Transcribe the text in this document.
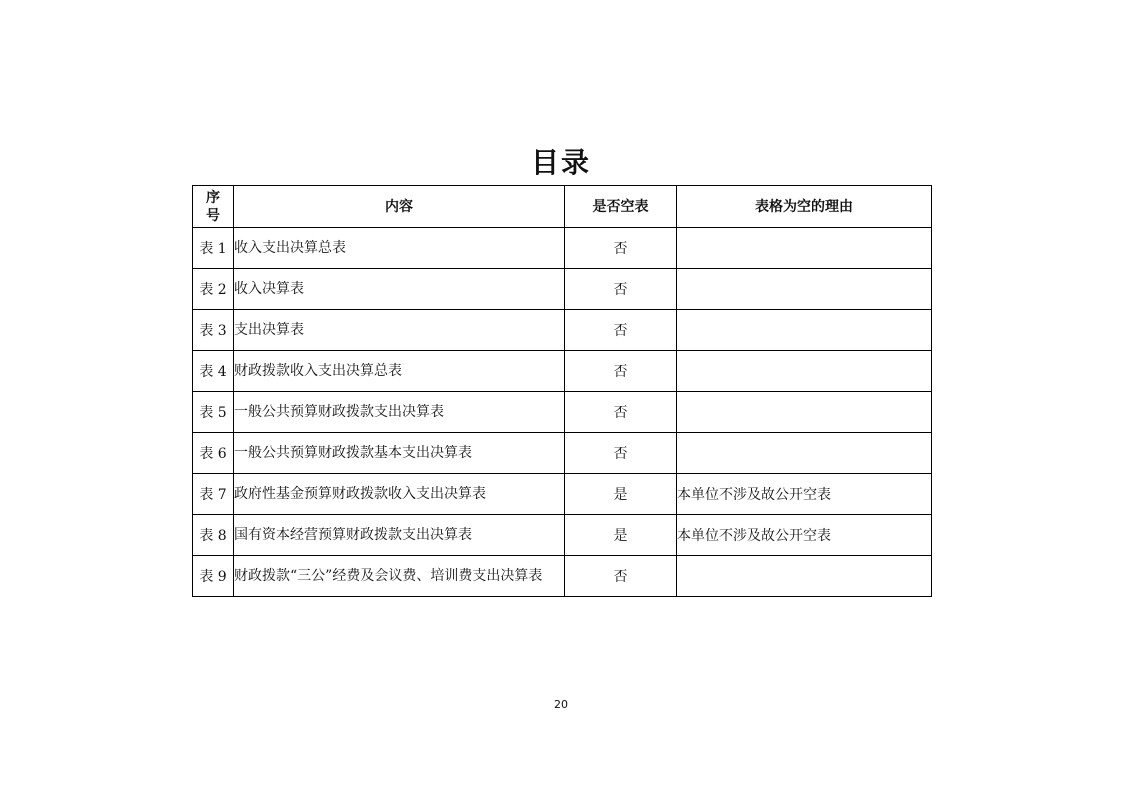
目录
序号	内容	是否空表	表格为空的理由
表 1	收入支出决算总表	否	
表 2	收入决算表	否	
表 3	支出决算表	否	
表 4	财政拨款收入支出决算总表	否	
表 5	一般公共预算财政拨款支出决算表	否	
表 6	一般公共预算财政拨款基本支出决算表	否	
表 7	政府性基金预算财政拨款收入支出决算表	是	本单位不涉及故公开空表
表 8	国有资本经营预算财政拨款支出决算表	是	本单位不涉及故公开空表
表 9	财政拨款“三公”经费及会议费、培训费支出决算表	否	
20
